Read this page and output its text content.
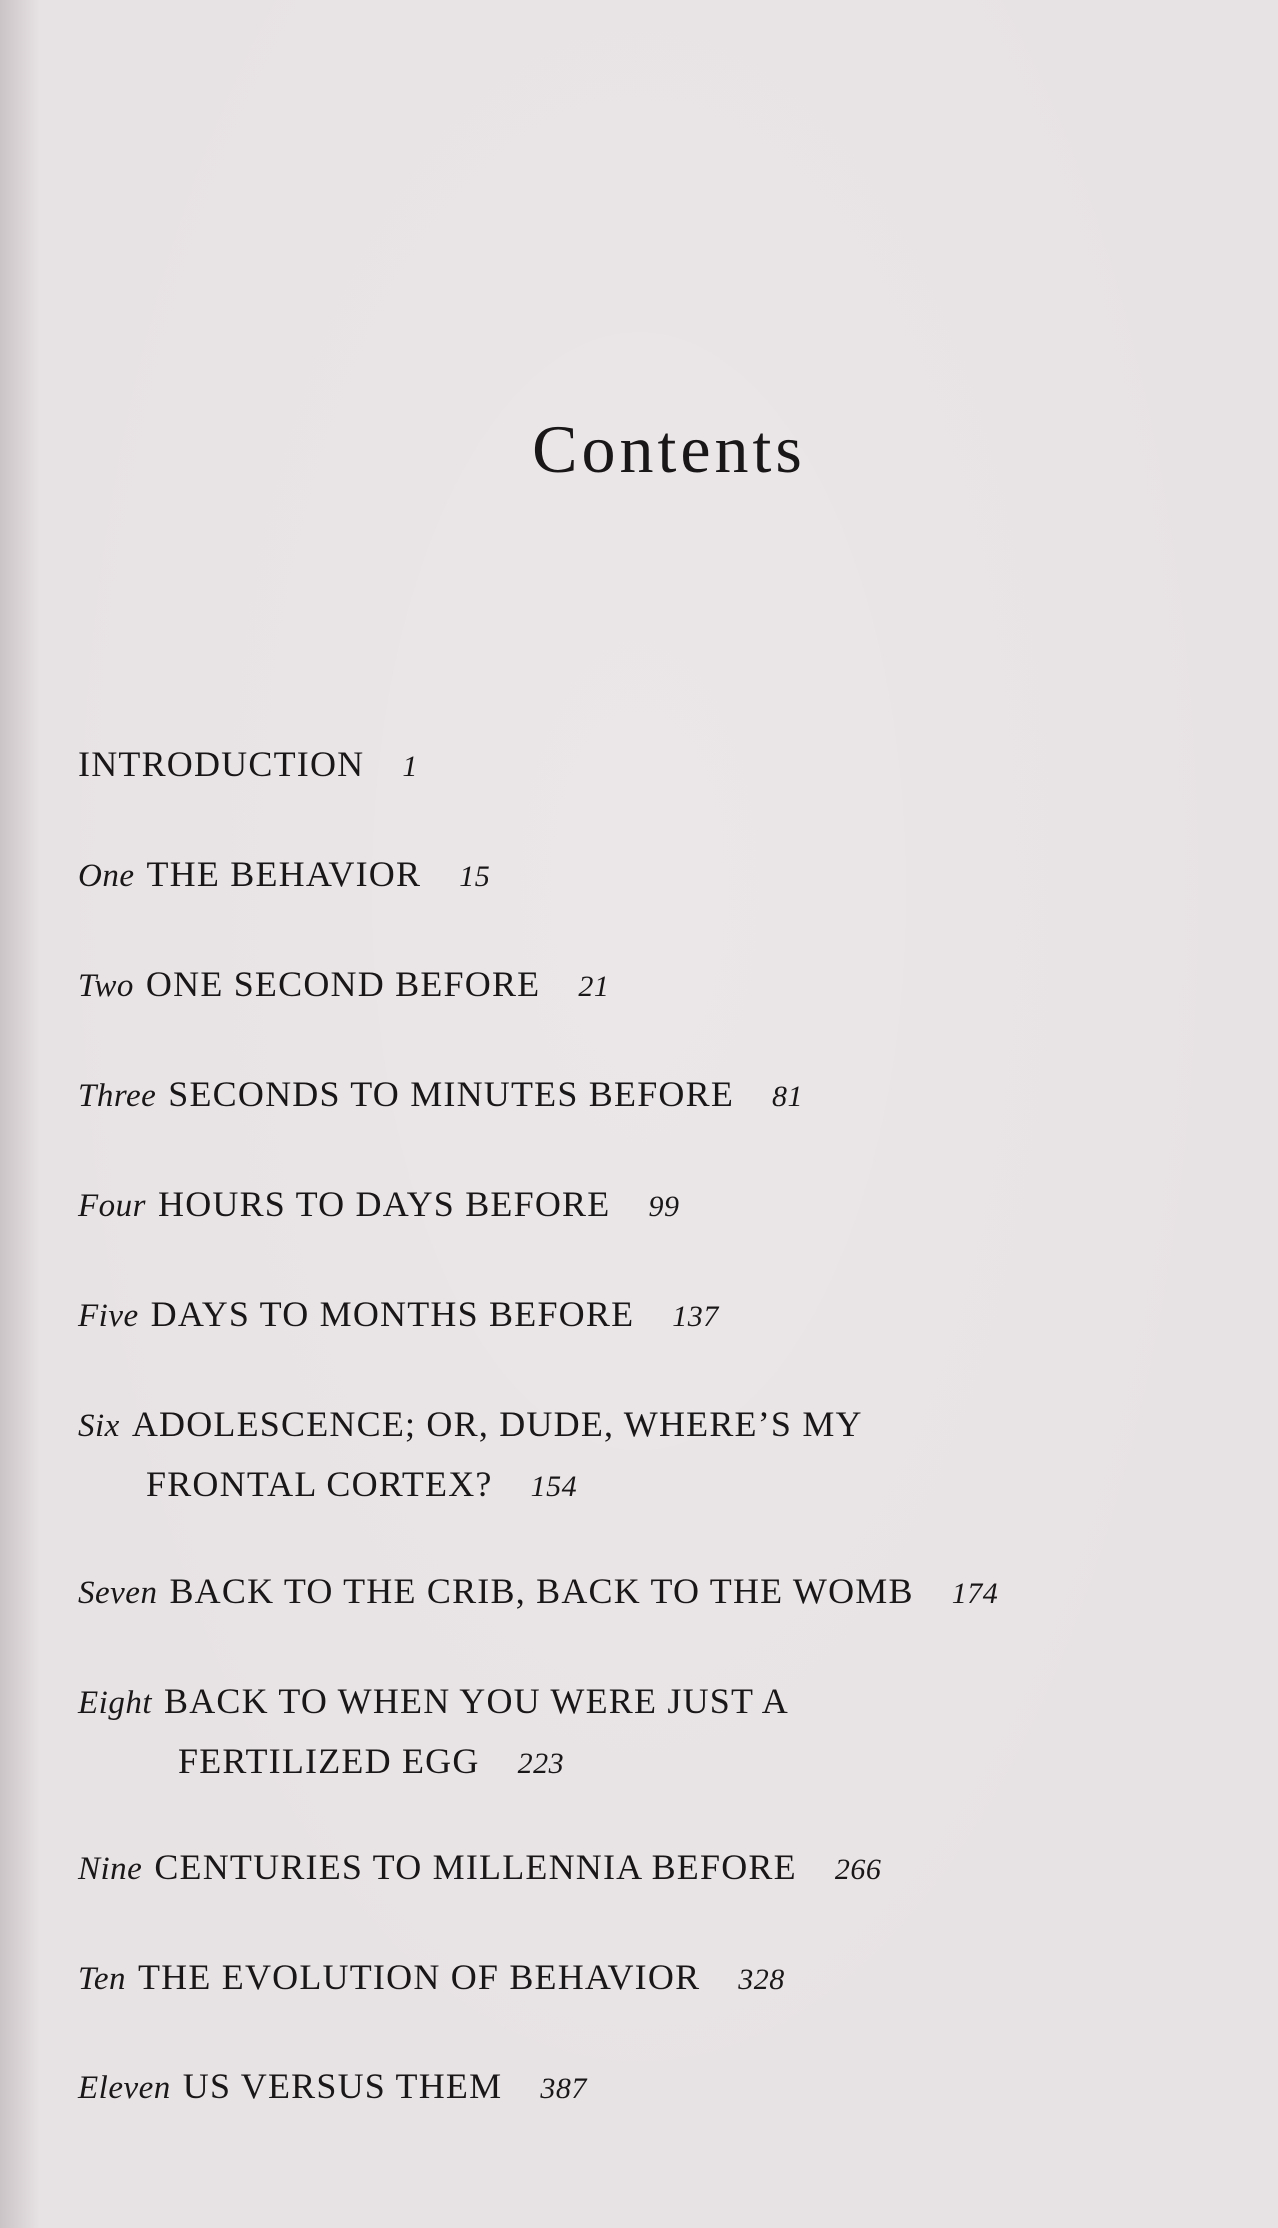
Contents
INTRODUCTION 1
One THE BEHAVIOR 15
Two ONE SECOND BEFORE 21
Three SECONDS TO MINUTES BEFORE 81
Four HOURS TO DAYS BEFORE 99
Five DAYS TO MONTHS BEFORE 137
Six ADOLESCENCE; OR, DUDE, WHERE’S MY
FRONTAL CORTEX? 154
Seven BACK TO THE CRIB, BACK TO THE WOMB 174
Eight BACK TO WHEN YOU WERE JUST A
FERTILIZED EGG 223
Nine CENTURIES TO MILLENNIA BEFORE 266
Ten THE EVOLUTION OF BEHAVIOR 328
Eleven US VERSUS THEM 387
